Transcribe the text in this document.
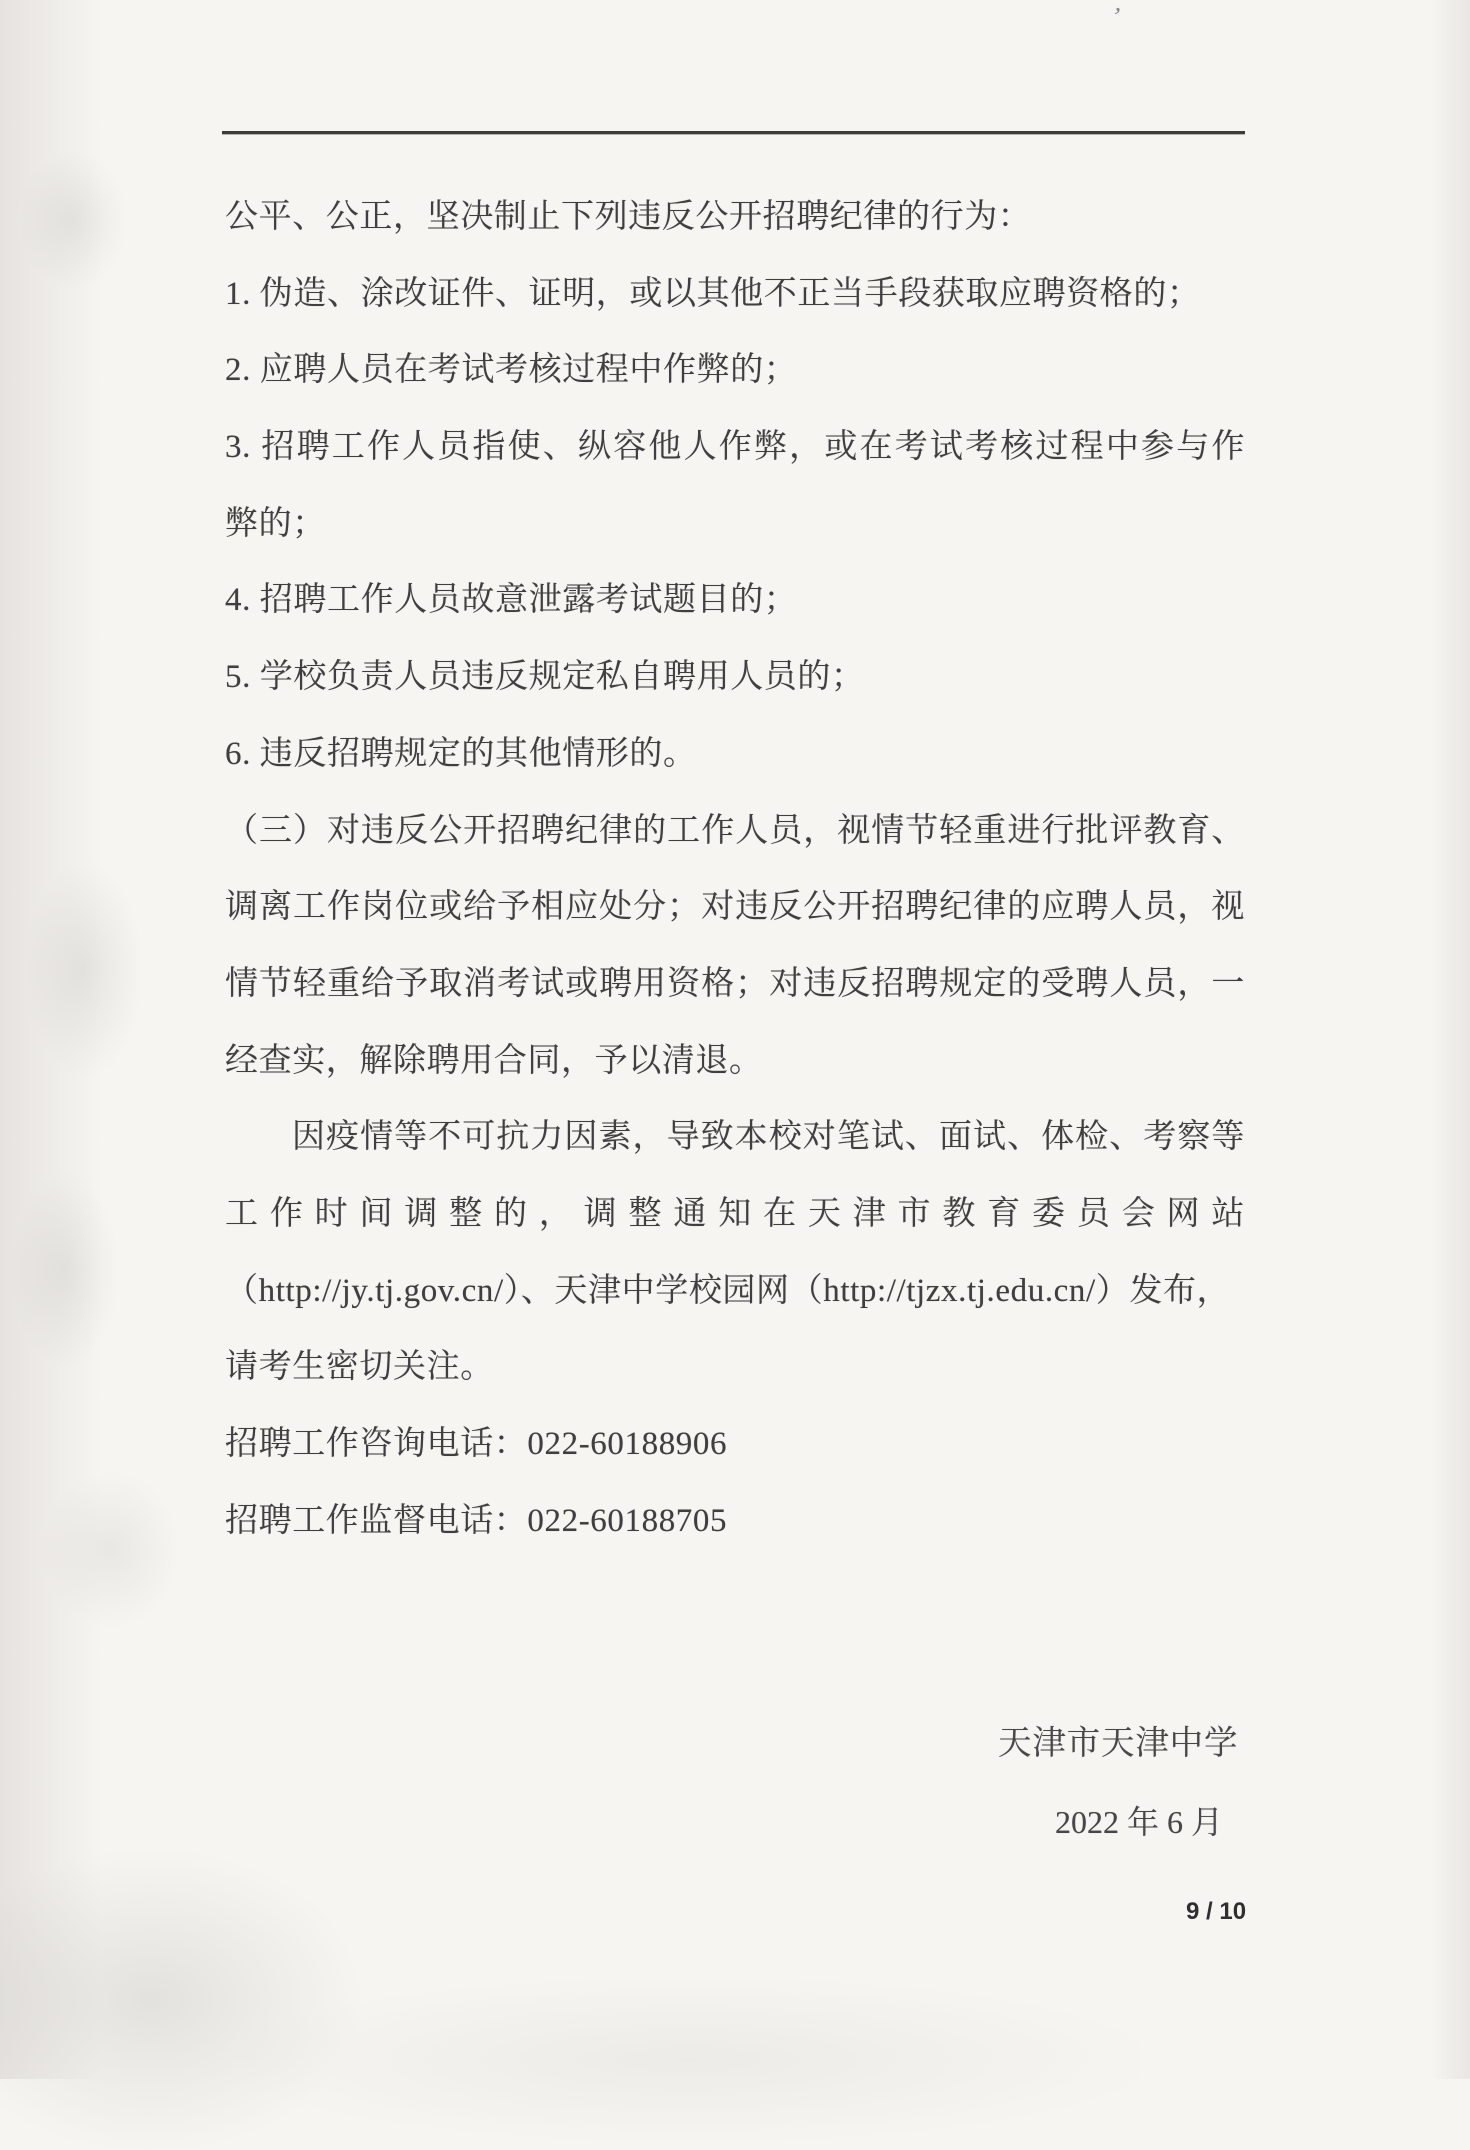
’
公平、公正，坚决制止下列违反公开招聘纪律的行为：
1. 伪造、涂改证件、证明，或以其他不正当手段获取应聘资格的；
2. 应聘人员在考试考核过程中作弊的；
3. 招聘工作人员指使、纵容他人作弊，或在考试考核过程中参与作
弊的；
4. 招聘工作人员故意泄露考试题目的；
5. 学校负责人员违反规定私自聘用人员的；
6. 违反招聘规定的其他情形的。
（三）对违反公开招聘纪律的工作人员，视情节轻重进行批评教育、
调离工作岗位或给予相应处分；对违反公开招聘纪律的应聘人员，视
情节轻重给予取消考试或聘用资格；对违反招聘规定的受聘人员，一
经查实，解除聘用合同，予以清退。
因疫情等不可抗力因素，导致本校对笔试、面试、体检、考察等
工作时间调整的，调整通知在天津市教育委员会网站
（http://jy.tj.gov.cn/）、天津中学校园网（http://tjzx.tj.edu.cn/）发布，
请考生密切关注。
招聘工作咨询电话：022-60188906
招聘工作监督电话：022-60188705
天津市天津中学
2022 年 6 月
9 / 10
